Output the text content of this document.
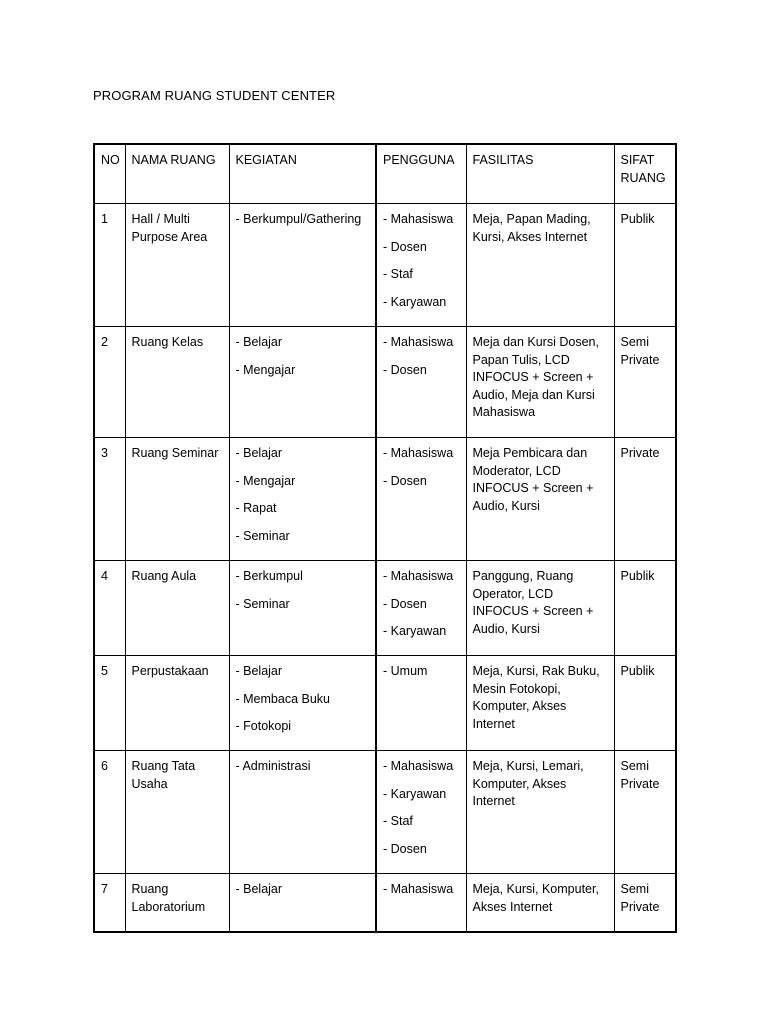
PROGRAM RUANG STUDENT CENTER
NO	NAMA RUANG	KEGIATAN	PENGGUNA	FASILITAS	SIFAT RUANG
1	Hall / Multi Purpose Area	- Berkumpul/Gathering	- Mahasiswa
- Dosen
- Staf
- Karyawan	Meja, Papan Mading, Kursi, Akses Internet	Publik
2	Ruang Kelas	- Belajar
- Mengajar	- Mahasiswa
- Dosen	Meja dan Kursi Dosen, Papan Tulis, LCD INFOCUS + Screen + Audio, Meja dan Kursi Mahasiswa	Semi Private
3	Ruang Seminar	- Belajar
- Mengajar
- Rapat
- Seminar	- Mahasiswa
- Dosen	Meja Pembicara dan Moderator, LCD INFOCUS + Screen + Audio, Kursi	Private
4	Ruang Aula	- Berkumpul
- Seminar	- Mahasiswa
- Dosen
- Karyawan	Panggung, Ruang Operator, LCD INFOCUS + Screen + Audio, Kursi	Publik
5	Perpustakaan	- Belajar
- Membaca Buku
- Fotokopi	- Umum	Meja, Kursi, Rak Buku, Mesin Fotokopi, Komputer, Akses Internet	Publik
6	Ruang Tata Usaha	- Administrasi	- Mahasiswa
- Karyawan
- Staf
- Dosen	Meja, Kursi, Lemari, Komputer, Akses Internet	Semi Private
7	Ruang Laboratorium	- Belajar	- Mahasiswa	Meja, Kursi, Komputer, Akses Internet	Semi Private
